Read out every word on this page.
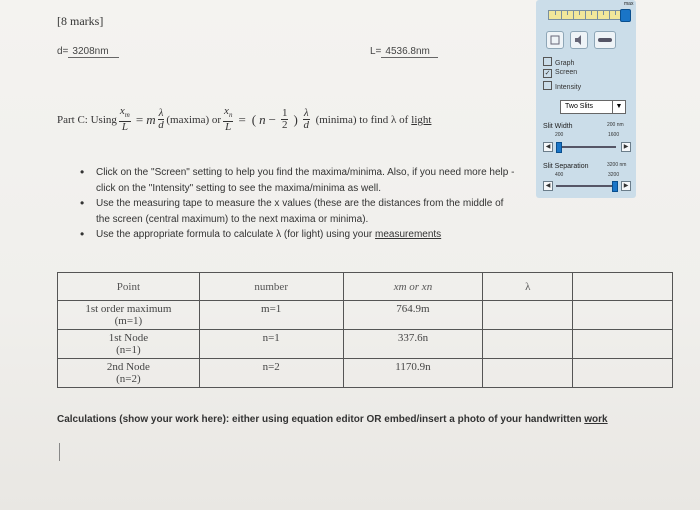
[8 marks]
d= 3208nm	L= 4536.8nm
Part C: Using $\frac{x_m}{L} = m \frac{\lambda}{d}$ (maxima) or $\frac{x_n}{L}$ = ( $n - \frac{1}{2}$ ) $\frac{\lambda}{d}$ (minima) to find λ of light
• Click on the "Screen" setting to help you find the maxima/minima. Also, if you need more help - click on the "Intensity" setting to see the maxima/minima as well.
• Use the measuring tape to measure the x values (these are the distances from the middle of the screen (central maximum) to the next maxima or minima).
• Use the appropriate formula to calculate λ (for light) using your measurements
Point	number	xm or xn	λ	

1st order maximum
(m=1)	m=1	764.9m		

1st Node
(n=1)	n=1	337.6n		

2nd Node
(n=2)	n=2	1170.9n		
Calculations (show your work here): either using equation editor OR embed/insert a photo of your handwritten work
max
Graph
✓ Screen
Intensity
Two Slits	▼
Slit Width	200 nm
200	1600
◀	▶
Slit Separation	3200 nm
400	3200
◀	▶
